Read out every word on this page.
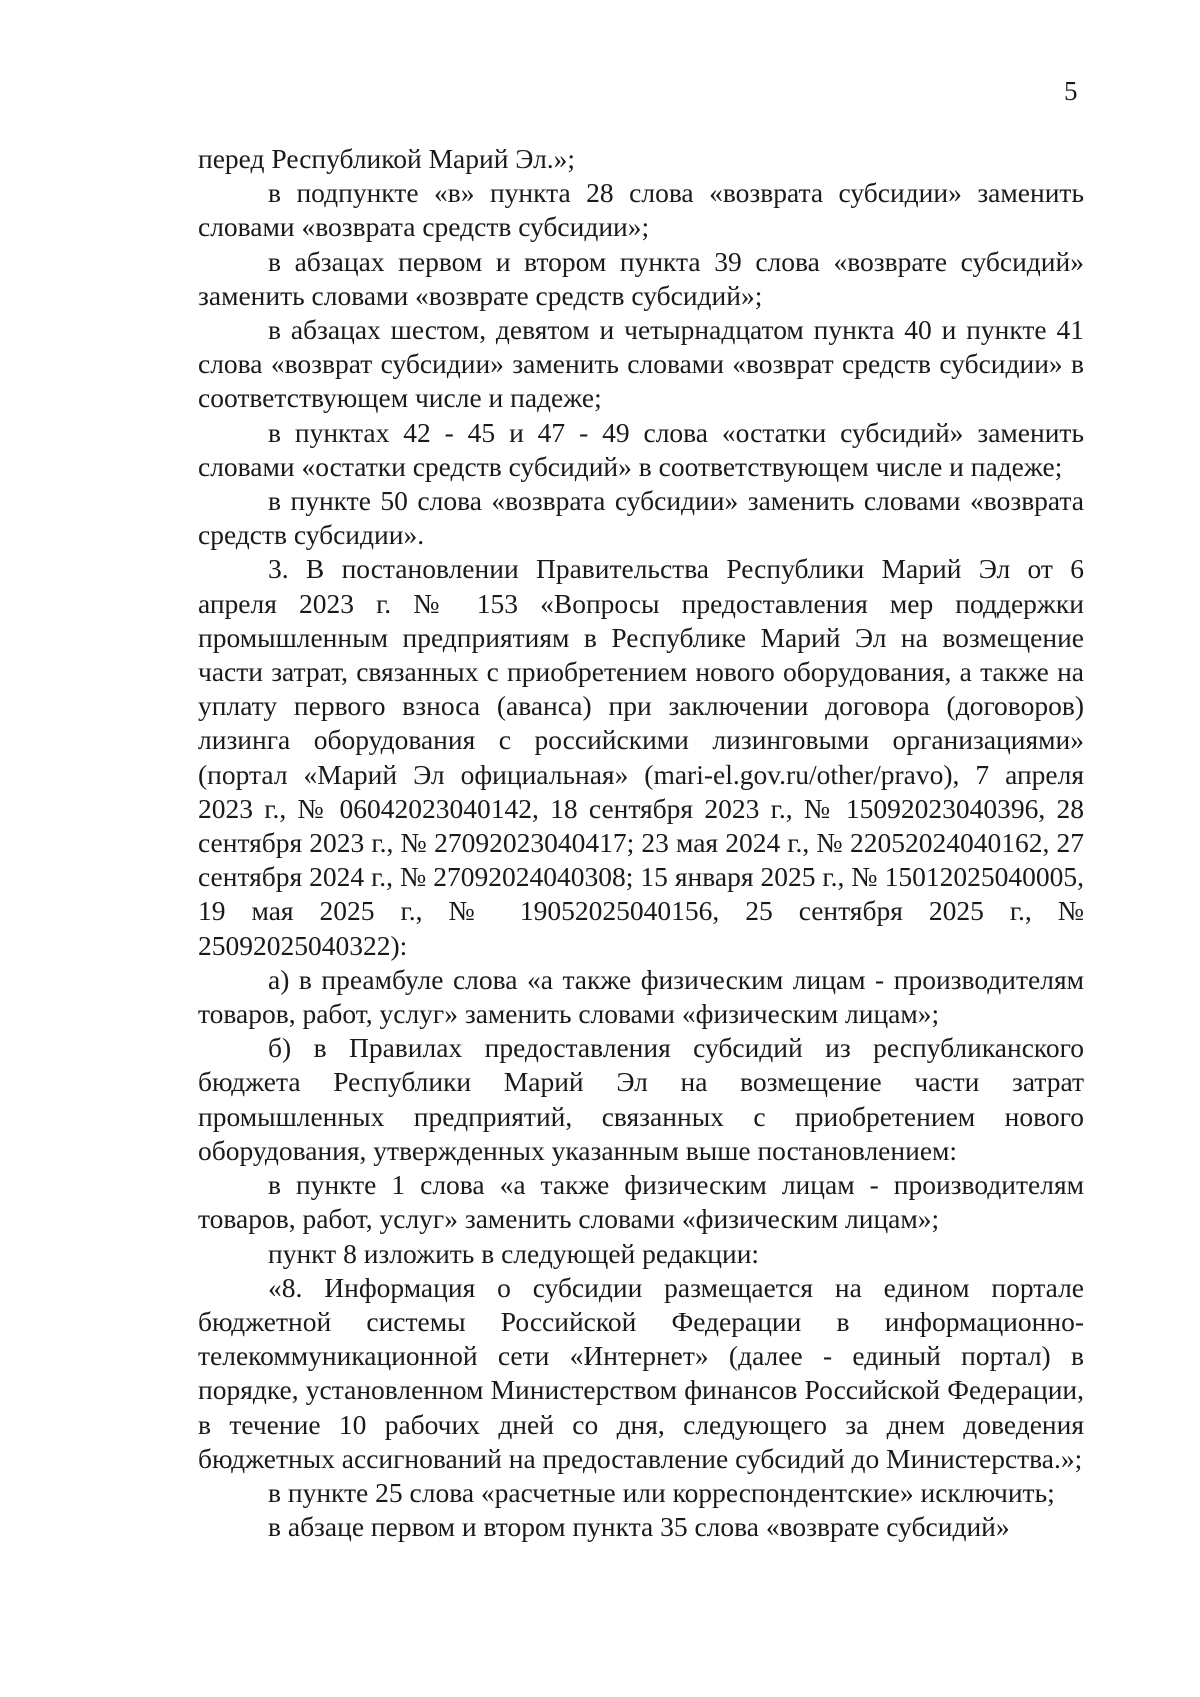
5

перед Республикой Марий Эл.»;

в подпункте «в» пункта 28 слова «возврата субсидии» заменить словами «возврата средств субсидии»;

в абзацах первом и втором пункта 39 слова «возврате субсидий» заменить словами «возврате средств субсидий»;

в абзацах шестом, девятом и четырнадцатом пункта 40 и пункте 41 слова «возврат субсидии» заменить словами «возврат средств субсидии» в соответствующем числе и падеже;

в пунктах 42 - 45 и 47 - 49 слова «остатки субсидий» заменить словами «остатки средств субсидий» в соответствующем числе и падеже;

в пункте 50 слова «возврата субсидии» заменить словами «возврата средств субсидии».

3. В постановлении Правительства Республики Марий Эл от 6 апреля 2023 г. № 153 «Вопросы предоставления мер поддержки промышленным предприятиям в Республике Марий Эл на возмещение части затрат, связанных с приобретением нового оборудования, а также на уплату первого взноса (аванса) при заключении договора (договоров) лизинга оборудования с российскими лизинговыми организациями» (портал «Марий Эл официальная» (mari-el.gov.ru/other/pravo), 7 апреля 2023 г., № 06042023040142, 18 сентября 2023 г., № 15092023040396, 28 сентября 2023 г., № 27092023040417; 23 мая 2024 г., № 22052024040162, 27 сентября 2024 г., № 27092024040308; 15 января 2025 г., № 15012025040005, 19 мая 2025 г., № 19052025040156, 25 сентября 2025 г., № 25092025040322):

а) в преамбуле слова «а также физическим лицам - производителям товаров, работ, услуг» заменить словами «физическим лицам»;

б) в Правилах предоставления субсидий из республиканского бюджета Республики Марий Эл на возмещение части затрат промышленных предприятий, связанных с приобретением нового оборудования, утвержденных указанным выше постановлением:

в пункте 1 слова «а также физическим лицам - производителям товаров, работ, услуг» заменить словами «физическим лицам»;

пункт 8 изложить в следующей редакции:

«8. Информация о субсидии размещается на едином портале бюджетной системы Российской Федерации в информационно-телекоммуникационной сети «Интернет» (далее - единый портал) в порядке, установленном Министерством финансов Российской Федерации, в течение 10 рабочих дней со дня, следующего за днем доведения бюджетных ассигнований на предоставление субсидий до Министерства.»;

в пункте 25 слова «расчетные или корреспондентские» исключить;

в абзаце первом и втором пункта 35 слова «возврате субсидий»
